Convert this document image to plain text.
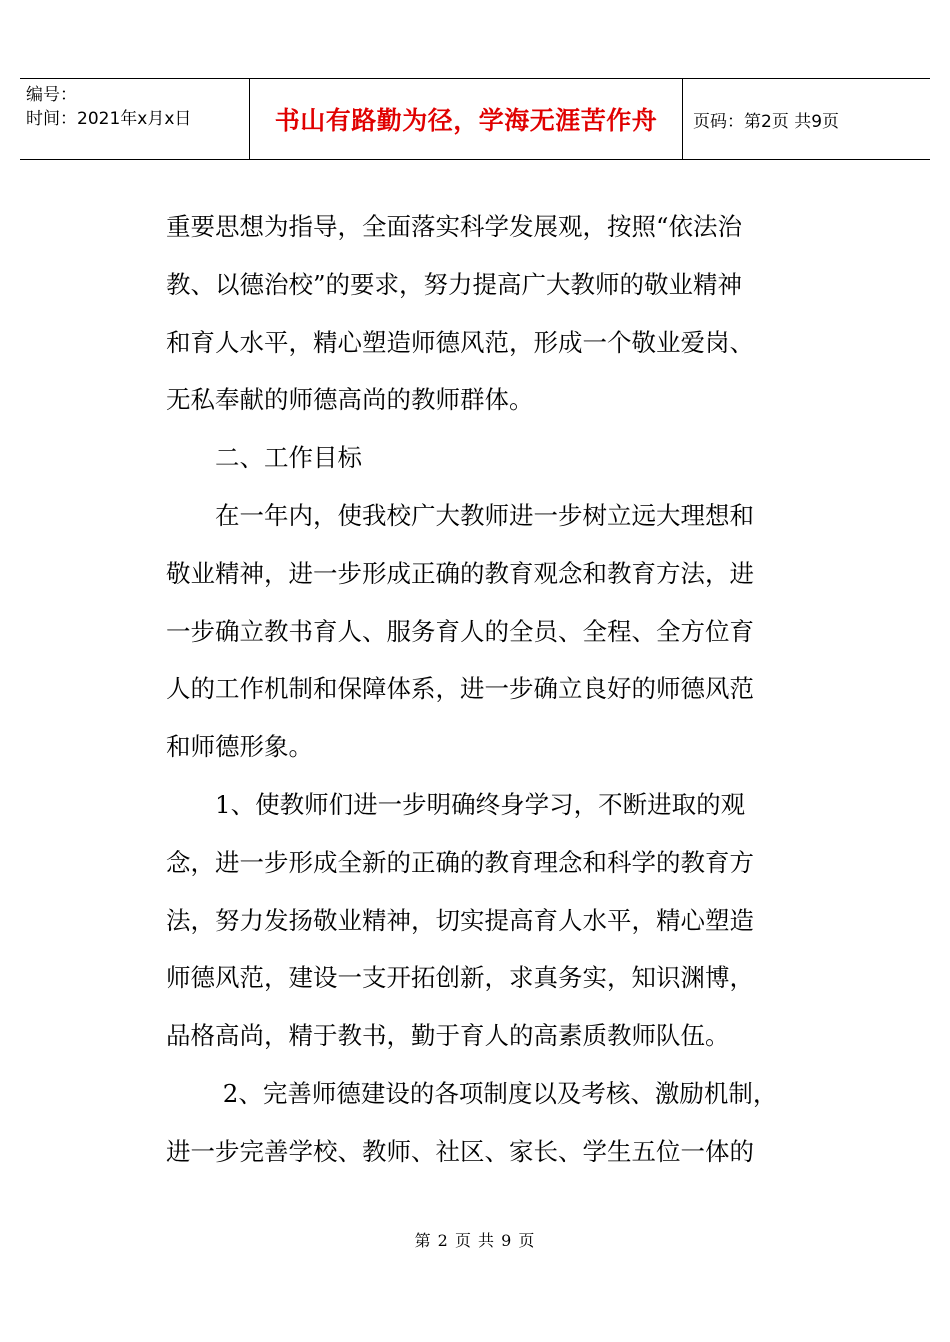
编号：
时间：2021年x月x日	书山有路勤为径，学海无涯苦作舟	页码：第2页 共9页

重要思想为指导，全面落实科学发展观，按照“依法治

教、以德治校”的要求，努力提高广大教师的敬业精神

和育人水平，精心塑造师德风范，形成一个敬业爱岗、

无私奉献的师德高尚的教师群体。

　　二、工作目标

　　在一年内，使我校广大教师进一步树立远大理想和

敬业精神，进一步形成正确的教育观念和教育方法，进

一步确立教书育人、服务育人的全员、全程、全方位育

人的工作机制和保障体系，进一步确立良好的师德风范

和师德形象。

　　1、使教师们进一步明确终身学习，不断进取的观

念，进一步形成全新的正确的教育理念和科学的教育方

法，努力发扬敬业精神，切实提高育人水平，精心塑造

师德风范，建设一支开拓创新，求真务实，知识渊博，

品格高尚，精于教书，勤于育人的高素质教师队伍。

　　 2、完善师德建设的各项制度以及考核、激励机制，

进一步完善学校、教师、社区、家长、学生五位一体的

第 2 页 共 9 页
